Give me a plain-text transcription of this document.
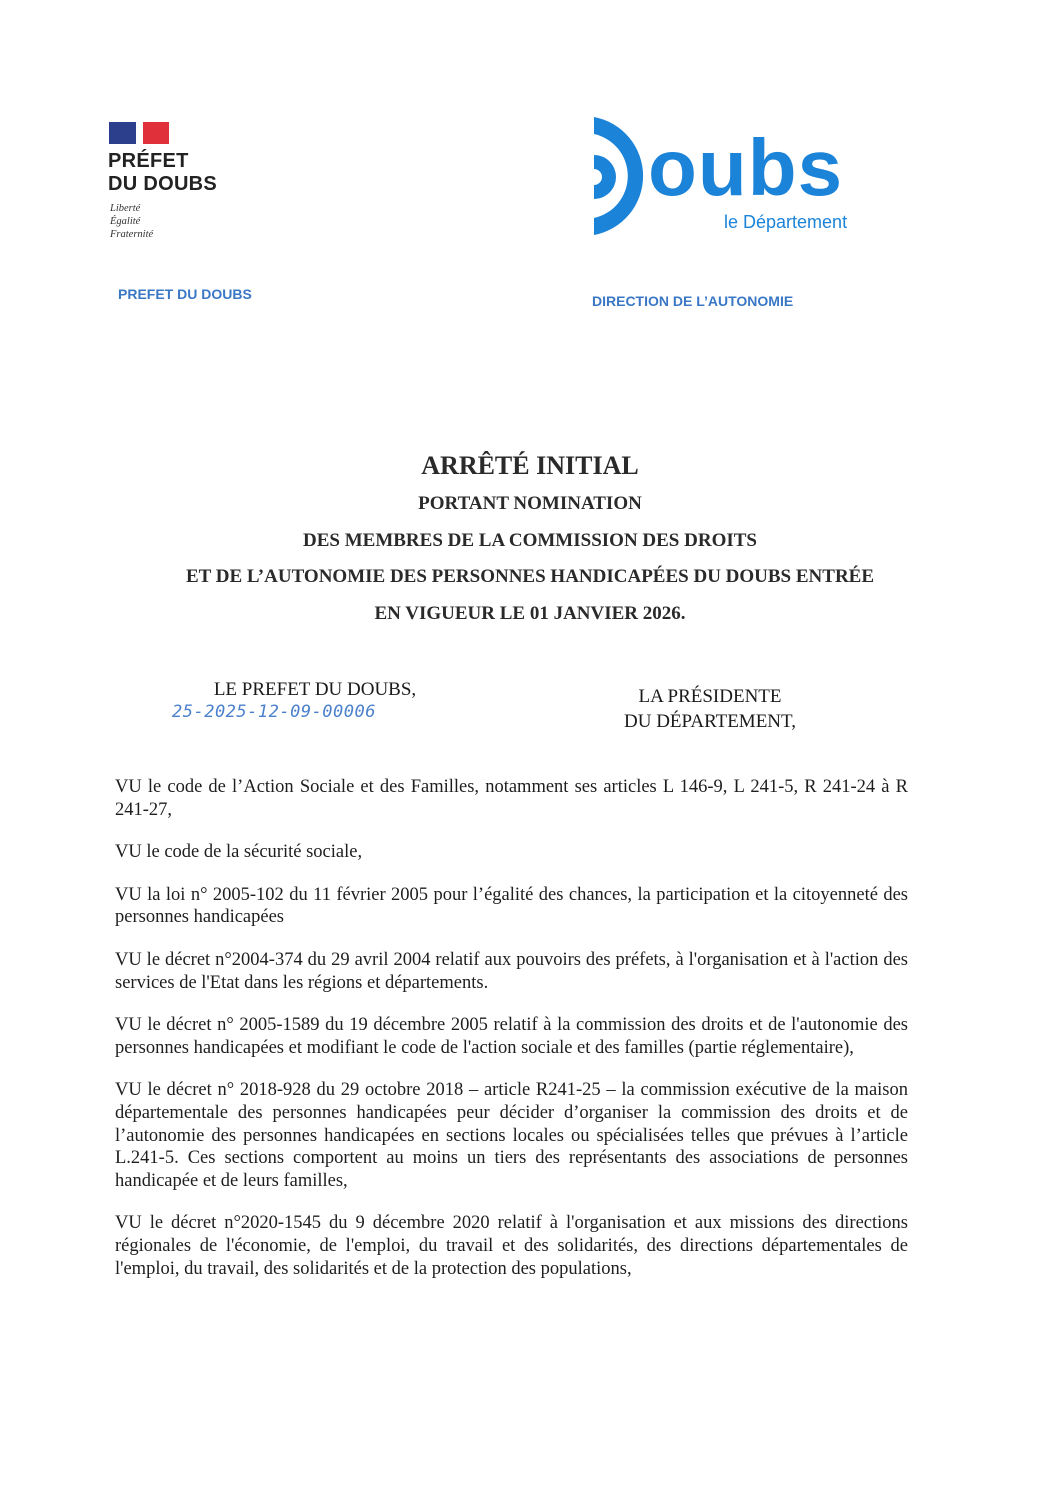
PRÉFET
DU DOUBS
Liberté
Égalité
Fraternité
PREFET DU DOUBS
oubs
le Département
DIRECTION DE L’AUTONOMIE
ARRÊTÉ INITIAL
PORTANT NOMINATION
DES MEMBRES DE LA COMMISSION DES DROITS
ET DE L’AUTONOMIE DES PERSONNES HANDICAPÉES DU DOUBS ENTRÉE
EN VIGUEUR LE 01 JANVIER 2026.
LE PREFET DU DOUBS,
25-2025-12-09-00006
LA PRÉSIDENTE
DU DÉPARTEMENT,

VU le code de l’Action Sociale et des Familles, notamment ses articles L 146-9, L 241-5, R 241-24 à R 241-27,

VU le code de la sécurité sociale,

VU la loi n° 2005-102 du 11 février 2005 pour l’égalité des chances, la participation et la citoyenneté des personnes handicapées

VU le décret n°2004-374 du 29 avril 2004 relatif aux pouvoirs des préfets, à l'organisation et à l'action des services de l'Etat dans les régions et départements.

VU le décret n° 2005-1589 du 19 décembre 2005 relatif à la commission des droits et de l'autonomie des personnes handicapées et modifiant le code de l'action sociale et des familles (partie réglementaire),

VU le décret n° 2018-928 du 29 octobre 2018 – article R241-25 – la commission exécutive de la maison départementale des personnes handicapées peur décider d’organiser la commission des droits et de l’autonomie des personnes handicapées en sections locales ou spécialisées telles que prévues à l’article L.241-5. Ces sections comportent au moins un tiers des représentants des associations de personnes handicapée et de leurs familles,

VU le décret n°2020-1545 du 9 décembre 2020 relatif à l'organisation et aux missions des directions régionales de l'économie, de l'emploi, du travail et des solidarités, des directions départementales de l'emploi, du travail, des solidarités et de la protection des populations,
